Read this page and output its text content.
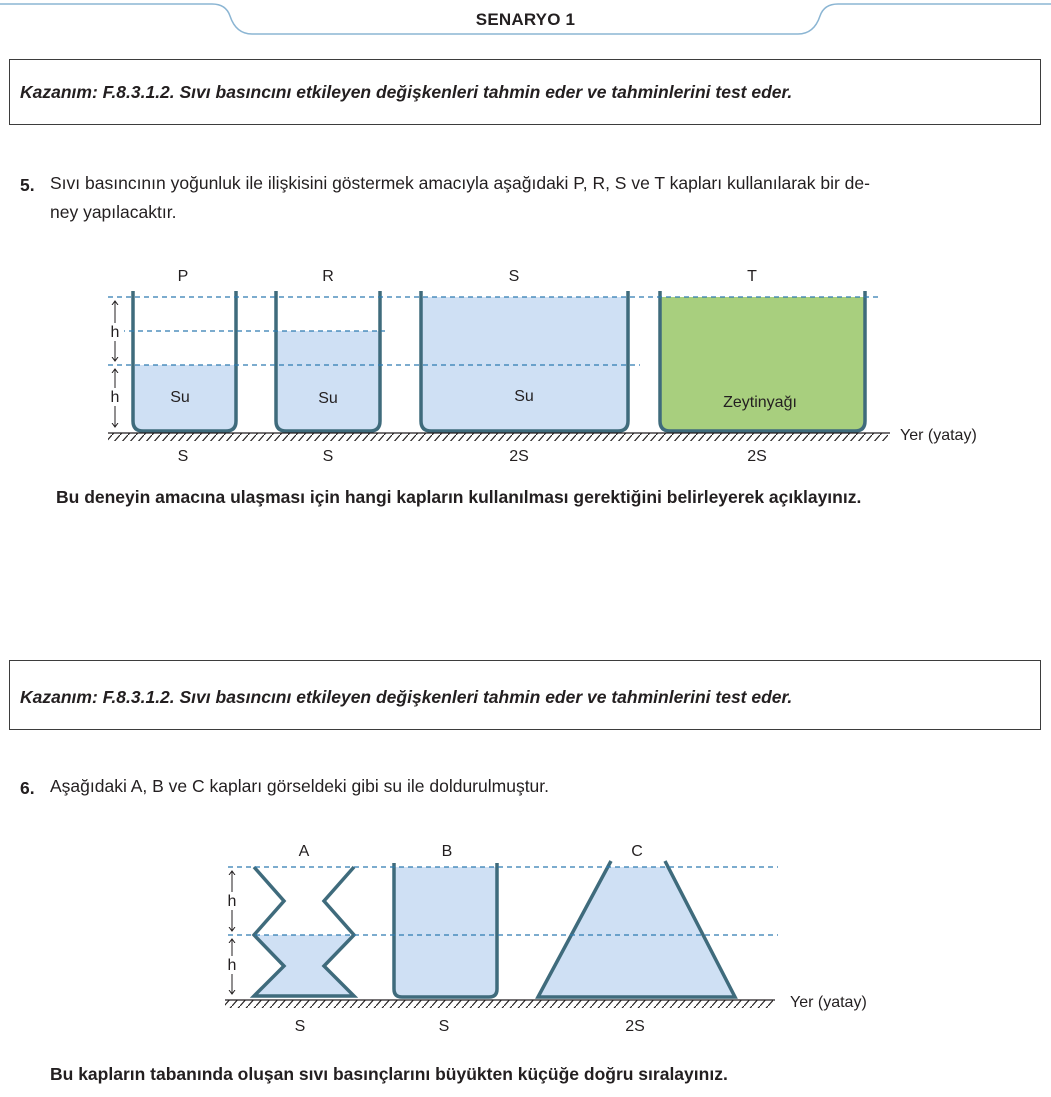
SENARYO 1
Kazanım: F.8.3.1.2. Sıvı basıncını etkileyen değişkenleri tahmin eder ve tahminlerini test eder.
5. Sıvı basıncının yoğunluk ile ilişkisini göstermek amacıyla aşağıdaki P, R, S ve T kapları kullanılarak bir de-
ney yapılacaktır.
h
h
P	R	S	T
Su	Su	Su	Zeytinyağı
S	S	2S	2S
Yer (yatay)
Bu deneyin amacına ulaşması için hangi kapların kullanılması gerektiğini belirleyerek açıklayınız.
Kazanım: F.8.3.1.2. Sıvı basıncını etkileyen değişkenleri tahmin eder ve tahminlerini test eder.
6. Aşağıdaki A, B ve C kapları görseldeki gibi su ile doldurulmuştur.
h
h
A	B	C
S	S	2S
Yer (yatay)
Bu kapların tabanında oluşan sıvı basınçlarını büyükten küçüğe doğru sıralayınız.
